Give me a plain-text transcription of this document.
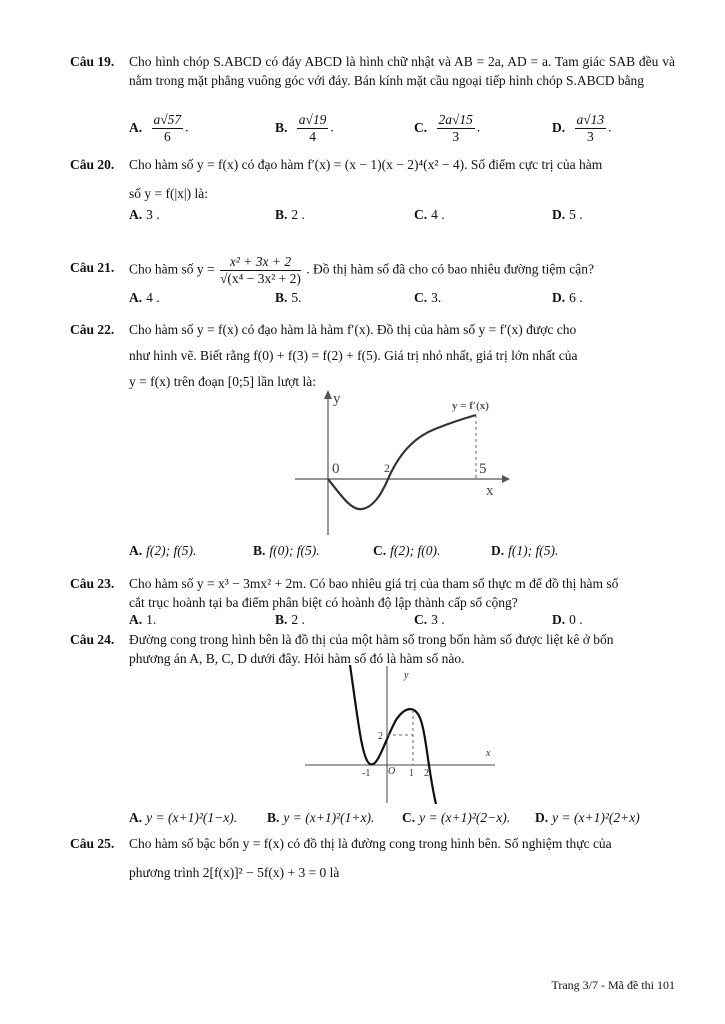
Câu 19. Cho hình chóp S.ABCD có đáy ABCD là hình chữ nhật và AB = 2a, AD = a. Tam giác SAB đều và nằm trong mặt phẳng vuông góc với đáy. Bán kính mặt cầu ngoại tiếp hình chóp S.ABCD bằng
A. $\frac{a√57}{6}$ .	B. $\frac{a√19}{4}$ .	C. $\frac{2a√15}{3}$ .	D. $\frac{a√13}{3}$ .
Câu 20. Cho hàm số y = f(x) có đạo hàm f′(x) = (x − 1)(x − 2)⁴(x² − 4). Số điểm cực trị của hàm
số y = f(|x|) là:
A. 3 .	B. 2 .	C. 4 .	D. 5 .
Câu 21. Cho hàm số $y = \frac{\text{x² + 3x + 2}}{\text{√(x⁴ − 3x² + 2)}}$ . Đồ thị hàm số đã cho có bao nhiêu đường tiệm cận?
A. 4 .	B. 5.	C. 3.	D. 6 .
Câu 22. Cho hàm số y = f(x) có đạo hàm là hàm f′(x). Đồ thị của hàm số y = f′(x) được cho
như hình vẽ. Biết rằng f(0) + f(3) = f(2) + f(5). Giá trị nhỏ nhất, giá trị lớn nhất của
y = f(x) trên đoạn [0;5] lần lượt là:
y
x
y = f′(x)
0	2	5
A. f(2); f(5).	B. f(0); f(5).	C. f(2); f(0).	D. f(1); f(5).
Câu 23. Cho hàm số y = x³ − 3mx² + 2m. Có bao nhiêu giá trị của tham số thực m để đồ thị hàm số
cắt trục hoành tại ba điểm phân biệt có hoành độ lập thành cấp số cộng?
A. 1.	B. 2 .	C. 3 .	D. 0 .
Câu 24. Đường cong trong hình bên là đồ thị của một hàm số trong bốn hàm số được liệt kê ở bốn
phương án A, B, C, D dưới đây. Hỏi hàm số đó là hàm số nào.
y
x
-1 O 1 2
2
A. y = (x+1)²(1−x). B. y = (x+1)²(1+x). C. y = (x+1)²(2−x). D. y = (x+1)²(2+x)
Câu 25. Cho hàm số bậc bốn y = f(x) có đồ thị là đường cong trong hình bên. Số nghiệm thực của
phương trình 2[f(x)]² − 5f(x) + 3 = 0 là
Trang 3/7 - Mã đề thi 101
